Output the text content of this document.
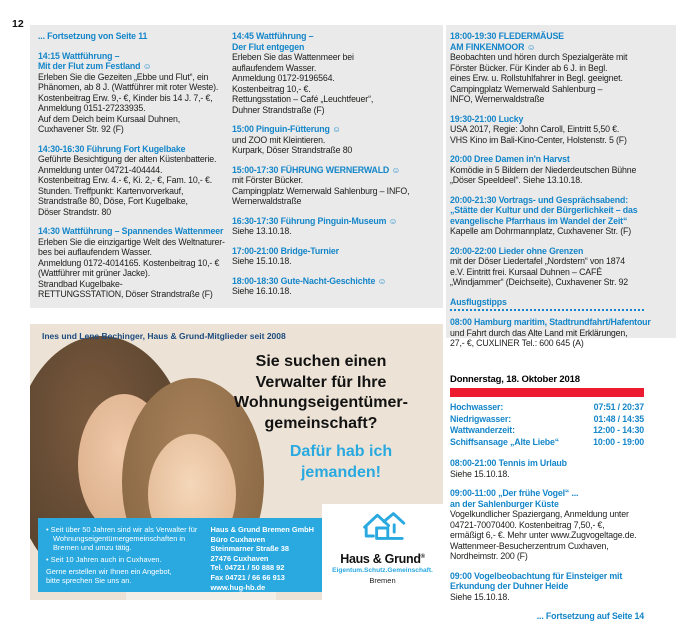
12
... Fortsetzung von Seite 11
14:15 Wattführung –
Mit der Flut zum Festland ☺
Erleben Sie die Gezeiten „Ebbe und Flut“, ein
Phänomen, ab 8 J. (Wattführer mit roter Weste).
Kostenbeitrag Erw. 9,- €, Kinder bis 14 J. 7,- €,
Anmeldung 0151-27233935.
Auf dem Deich beim Kursaal Duhnen,
Cuxhavener Str. 92 (F)
14:30-16:30 Führung Fort Kugelbake
Geführte Besichtigung der alten Küstenbatterie.
Anmeldung unter 04721-404444.
Kostenbeitrag Erw. 4.- €, Ki. 2,- €, Fam. 10,- €.
Stunden. Treffpunkt: Kartenvorverkauf,
Strandstraße 80, Döse, Fort Kugelbake,
Döser Strandstr. 80
14:30 Wattführung – Spannendes Wattenmeer
Erleben Sie die einzigartige Welt des Weltnaturer-
bes bei auflaufendem Wasser.
Anmeldung 0172-4014165. Kostenbeitrag 10,- €
(Wattführer mit grüner Jacke).
Strandbad Kugelbake-
RETTUNGSSTATION, Döser Strandstraße (F)
14:45 Wattführung –
Der Flut entgegen
Erleben Sie das Wattenmeer bei
auflaufendem Wasser.
Anmeldung 0172-9196564.
Kostenbeitrag 10,- €.
Rettungsstation – Café „Leuchtfeuer“,
Duhner Strandstraße (F)
15:00 Pinguin-Fütterung ☺
und ZOO mit Kleintieren.
Kurpark, Döser Strandstraße 80
15:00-17:30 FÜHRUNG WERNERWALD ☺
mit Förster Bücker.
Campingplatz Wernerwald Sahlenburg – INFO,
Wernerwaldstraße
16:30-17:30 Führung Pinguin-Museum ☺
Siehe 13.10.18.
17:00-21:00 Bridge-Turnier
Siehe 15.10.18.
18:00-18:30 Gute-Nacht-Geschichte ☺
Siehe 16.10.18.
18:00-19:30 FLEDERMÄUSE
AM FINKENMOOR ☺
Beobachten und hören durch Spezialgeräte mit
Förster Bücker. Für Kinder ab 6 J. in Begl.
eines Erw. u. Rollstuhlfahrer in Begl. geeignet.
Campingplatz Wernerwald Sahlenburg –
INFO, Wernerwaldstraße
19:30-21:00 Lucky
USA 2017, Regie: John Caroll, Eintritt 5,50 €.
VHS Kino im Bali-Kino-Center, Holstenstr. 5 (F)
20:00 Dree Damen in'n Harvst
Komödie in 5 Bildern der Niederdeutschen Bühne
„Döser Speeldeel“. Siehe 13.10.18.
20:00-21:30 Vortrags- und Gesprächsabend:
„Stätte der Kultur und der Bürgerlichkeit – das
evangelische Pfarrhaus im Wandel der Zeit“
Kapelle am Dohrmannplatz, Cuxhavener Str. (F)
20:00-22:00 Lieder ohne Grenzen
mit der Döser Liedertafel „Nordstern“ von 1874
e.V. Eintritt frei. Kursaal Duhnen – CAFÉ
„Windjammer“ (Deichseite), Cuxhavener Str. 92
Ausflugstipps
08:00 Hamburg maritim, Stadtrundfahrt/Hafentour
und Fahrt durch das Alte Land mit Erklärungen,
27,- €, CUXLINER Tel.: 600 645 (A)
Donnerstag, 18. Oktober 2018
Hochwasser:	07:51 / 20:37
Niedrigwasser:	01:48 / 14:35
Wattwanderzeit:	12:00 - 14:30
Schiffsansage „Alte Liebe“	10:00 - 19:00
08:00-21:00 Tennis im Urlaub
Siehe 15.10.18.
09:00-11:00 „Der frühe Vogel“ ...
an der Sahlenburger Küste
Vogelkundlicher Spaziergang, Anmeldung unter
04721-70070400. Kostenbeitrag 7,50,- €,
ermäßigt 6,- €. Mehr unter www.Zugvogeltage.de.
Wattenmeer-Besucherzentrum Cuxhaven,
Nordheimstr. 200 (F)
09:00 Vogelbeobachtung für Einsteiger mit
Erkundung der Duhner Heide
Siehe 15.10.18.
... Fortsetzung auf Seite 14
Ines und Lene Bechinger, Haus & Grund-Mitglieder seit 2008
Sie suchen einen
Verwalter für Ihre
Wohnungseigentümer-
gemeinschaft?
Dafür hab ich
jemanden!
• Seit über 50 Jahren sind wir als Verwalter für Wohnungseigentümergemeinschaften in Bremen und umzu tätig.
• Seit 10 Jahren auch in Cuxhaven.
Gerne erstellen wir Ihnen ein Angebot,
bitte sprechen Sie uns an.
Haus & Grund Bremen GmbH
Büro Cuxhaven
Steinmarner Straße 38
27476 Cuxhaven
Tel. 04721 / 50 888 92
Fax 04721 / 66 66 913
www.hug-hb.de
Haus & Grund®
Eigentum.Schutz.Gemeinschaft.
Bremen
